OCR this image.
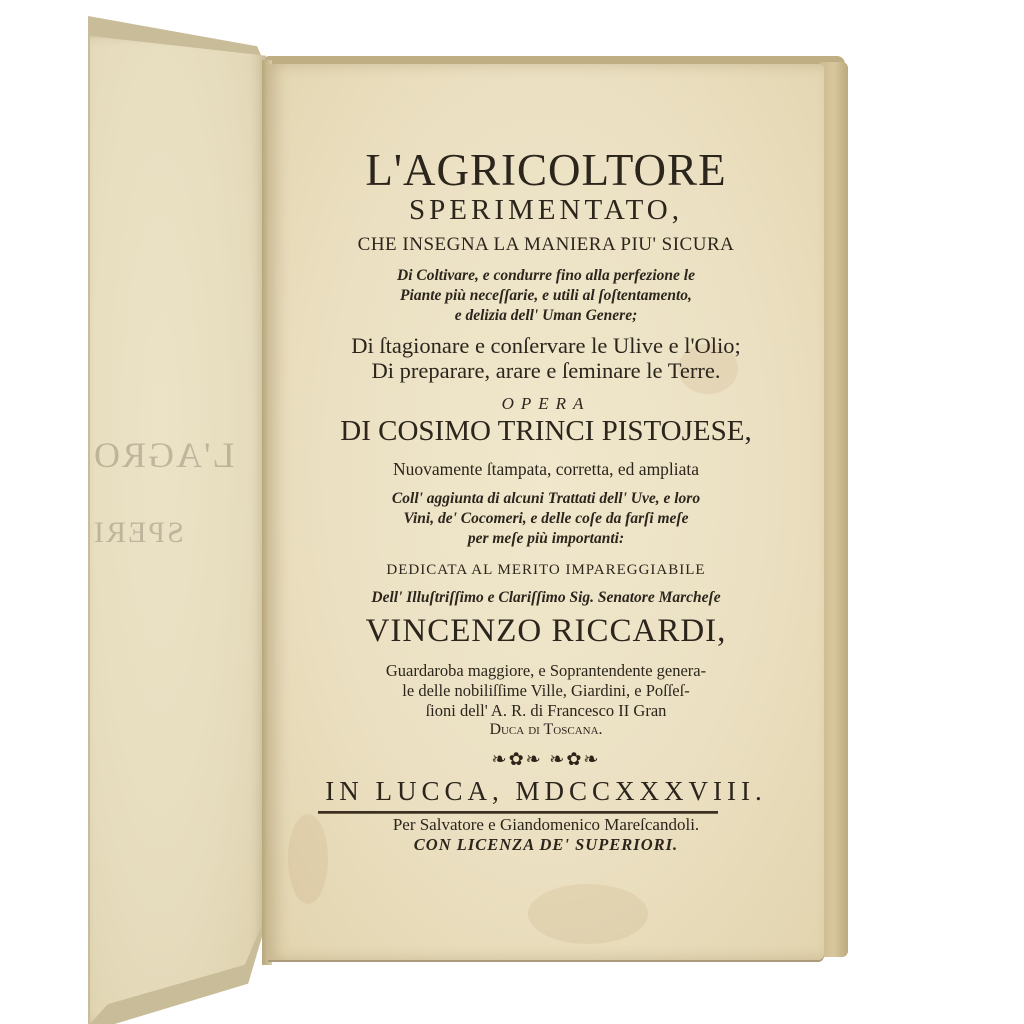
L'AGRO
SPERI
L'AGRICOLTORE
SPERIMENTATO,
CHE INSEGNA LA MANIERA PIU' SICURA
Di Coltivare, e condurre fino alla perfezione le
Piante più neceſſarie, e utili al ſoſtentamento,
e delizia dell' Uman Genere;
Di ſtagionare e conſervare le Ulive e l'Olio;
Di preparare, arare e ſeminare le Terre.
OPERA
DI COSIMO TRINCI PISTOJESE,
Nuovamente ſtampata, corretta, ed ampliata
Coll' aggiunta di alcuni Trattati dell' Uve, e loro
Vini, de' Cocomeri, e delle coſe da farſi meſe
per meſe più importanti:
DEDICATA AL MERITO IMPAREGGIABILE
Dell' Illuſtriſſimo e Clariſſimo Sig. Senatore Marcheſe
VINCENZO RICCARDI,
Guardaroba maggiore, e Soprantendente genera-
le delle nobiliſſime Ville, Giardini, e Poſſeſ-
ſioni dell' A. R. di Francesco II Gran
Duca di Toscana.
❧✿❧ ❧✿❧
IN LUCCA, MDCCXXXVIII.
Per Salvatore e Giandomenico Mareſcandoli.
CON LICENZA DE' SUPERIORI.
